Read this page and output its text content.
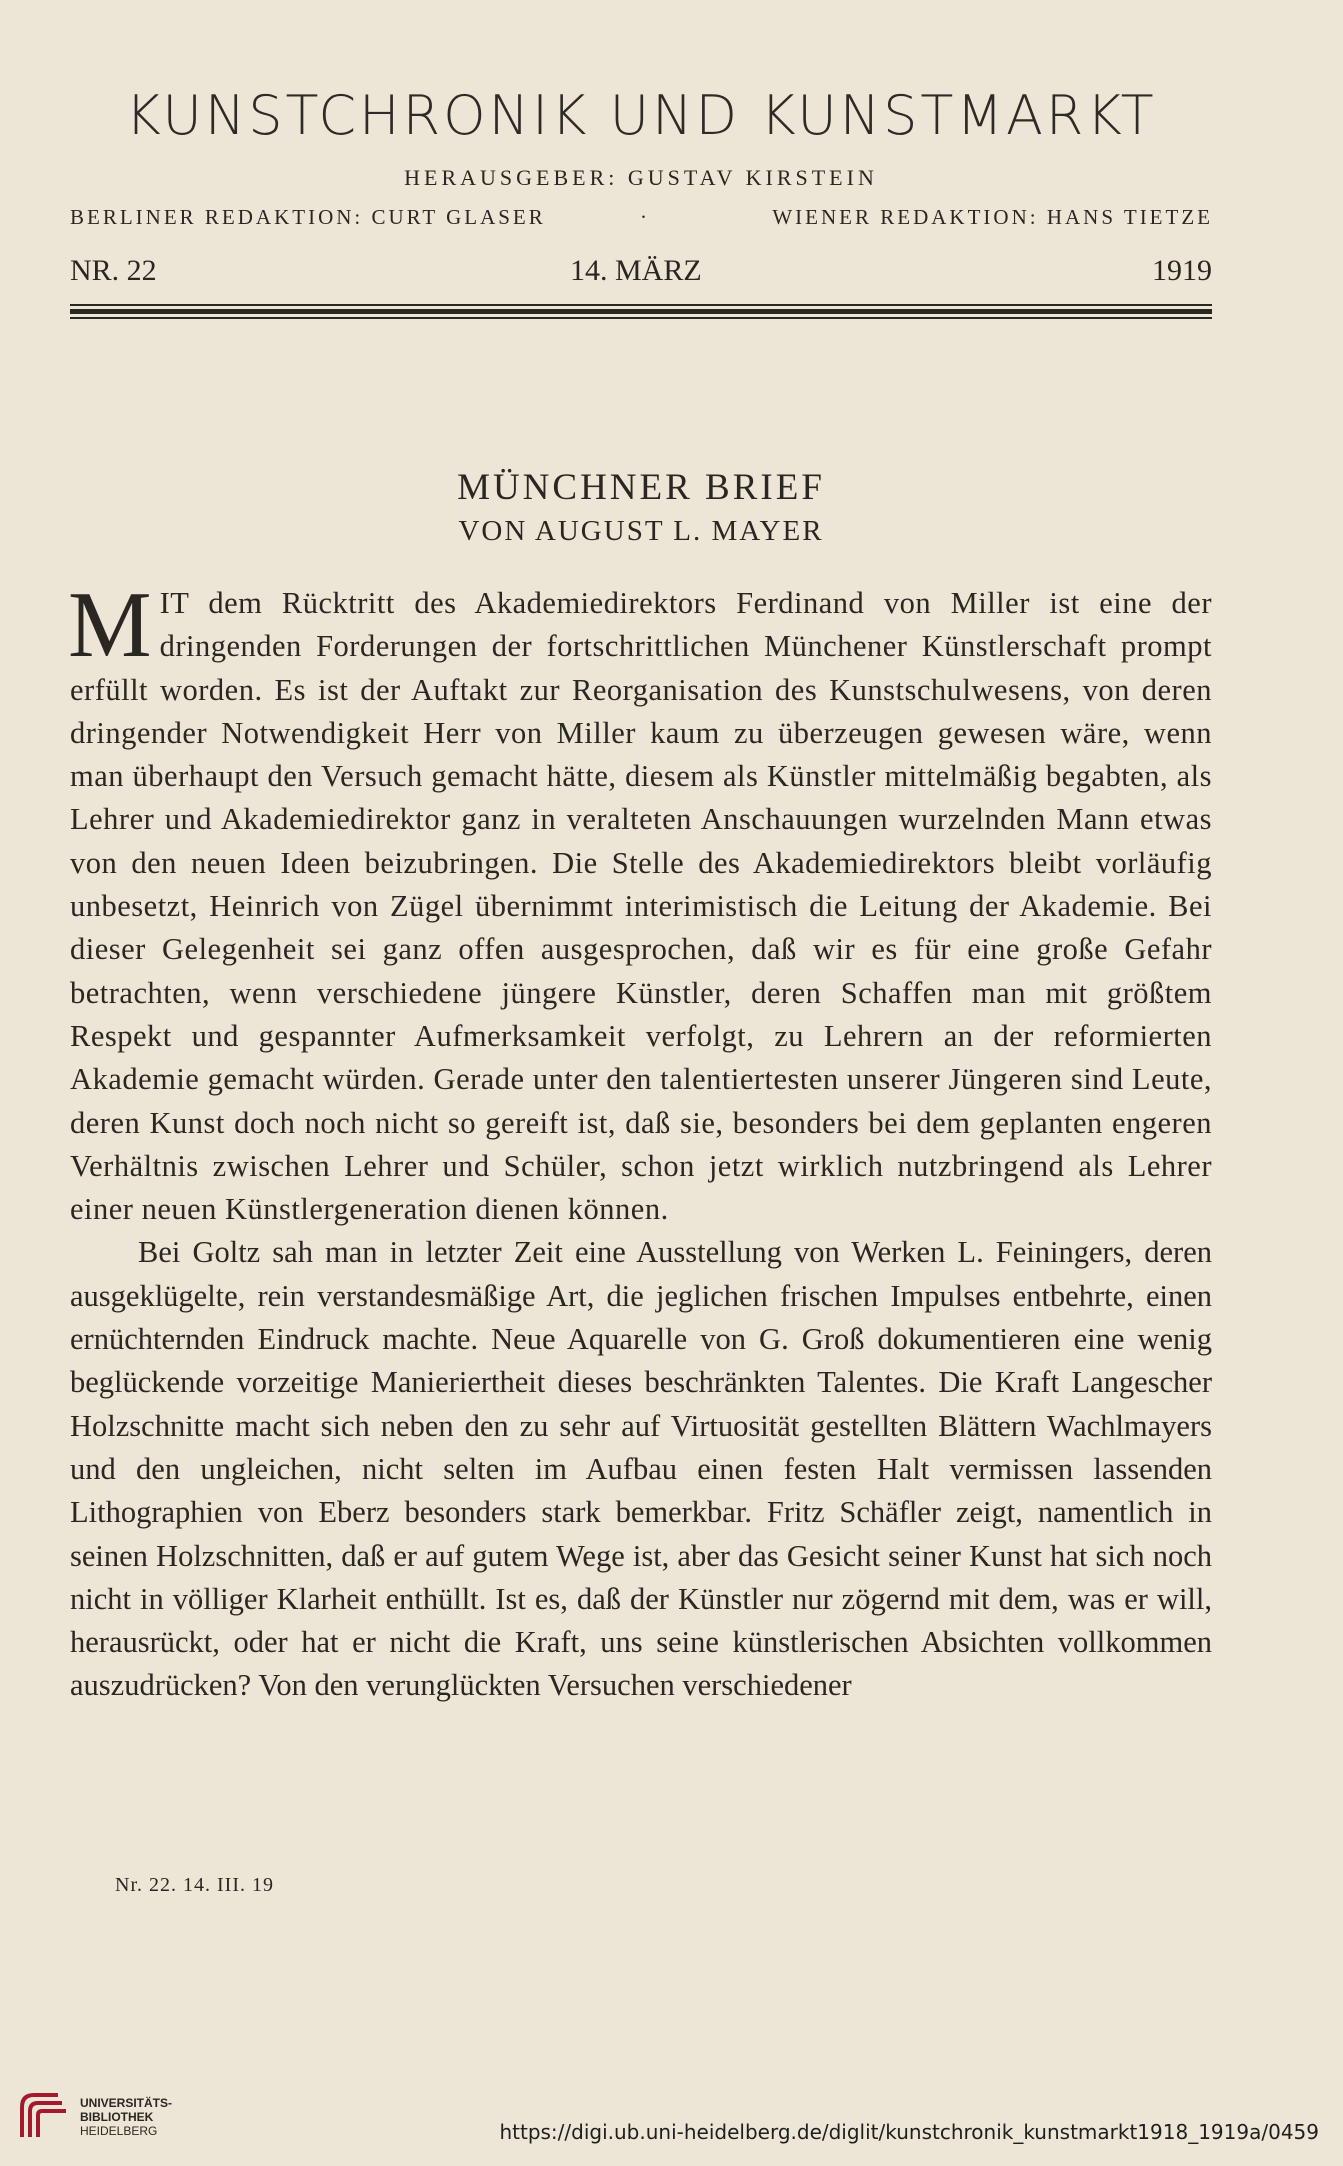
KUNSTCHRONIK UND KUNSTMARKT
HERAUSGEBER: GUSTAV KIRSTEIN
BERLINER REDAKTION: CURT GLASER	·	WIENER REDAKTION: HANS TIETZE
NR. 22	14. MÄRZ	1919
MÜNCHNER BRIEF
VON AUGUST L. MAYER

MIT dem Rücktritt des Akademiedirektors Ferdinand von Miller ist eine der dringenden Forderungen der fortschrittlichen Münchener Künstlerschaft prompt erfüllt worden. Es ist der Auftakt zur Reorganisation des Kunstschulwesens, von deren dringender Notwendigkeit Herr von Miller kaum zu überzeugen gewesen wäre, wenn man überhaupt den Versuch gemacht hätte, diesem als Künstler mittelmäßig begabten, als Lehrer und Akademiedirektor ganz in veralteten Anschauungen wurzelnden Mann etwas von den neuen Ideen beizubringen. Die Stelle des Akademiedirektors bleibt vorläufig unbesetzt, Heinrich von Zügel übernimmt interimistisch die Leitung der Akademie. Bei dieser Gelegenheit sei ganz offen ausgesprochen, daß wir es für eine große Gefahr betrachten, wenn verschiedene jüngere Künstler, deren Schaffen man mit größtem Respekt und gespannter Aufmerksamkeit verfolgt, zu Lehrern an der reformierten Akademie gemacht würden. Gerade unter den talentiertesten unserer Jüngeren sind Leute, deren Kunst doch noch nicht so gereift ist, daß sie, besonders bei dem geplanten engeren Verhältnis zwischen Lehrer und Schüler, schon jetzt wirklich nutzbringend als Lehrer einer neuen Künstlergeneration dienen können.

Bei Goltz sah man in letzter Zeit eine Ausstellung von Werken L. Feiningers, deren ausgeklügelte, rein verstandesmäßige Art, die jeglichen frischen Impulses entbehrte, einen ernüchternden Eindruck machte. Neue Aquarelle von G. Groß dokumentieren eine wenig beglückende vorzeitige Manieriertheit dieses beschränkten Talentes. Die Kraft Langescher Holzschnitte macht sich neben den zu sehr auf Virtuosität gestellten Blättern Wachlmayers und den ungleichen, nicht selten im Aufbau einen festen Halt vermissen lassenden Lithographien von Eberz besonders stark bemerkbar. Fritz Schäfler zeigt, namentlich in seinen Holzschnitten, daß er auf gutem Wege ist, aber das Gesicht seiner Kunst hat sich noch nicht in völliger Klarheit enthüllt. Ist es, daß der Künstler nur zögernd mit dem, was er will, herausrückt, oder hat er nicht die Kraft, uns seine künstlerischen Absichten vollkommen auszudrücken? Von den verunglückten Versuchen verschiedener

Nr. 22. 14. III. 19
UNIVERSITÄTS-
BIBLIOTHEK
HEIDELBERG	https://digi.ub.uni-heidelberg.de/diglit/kunstchronik_kunstmarkt1918_1919a/0459
